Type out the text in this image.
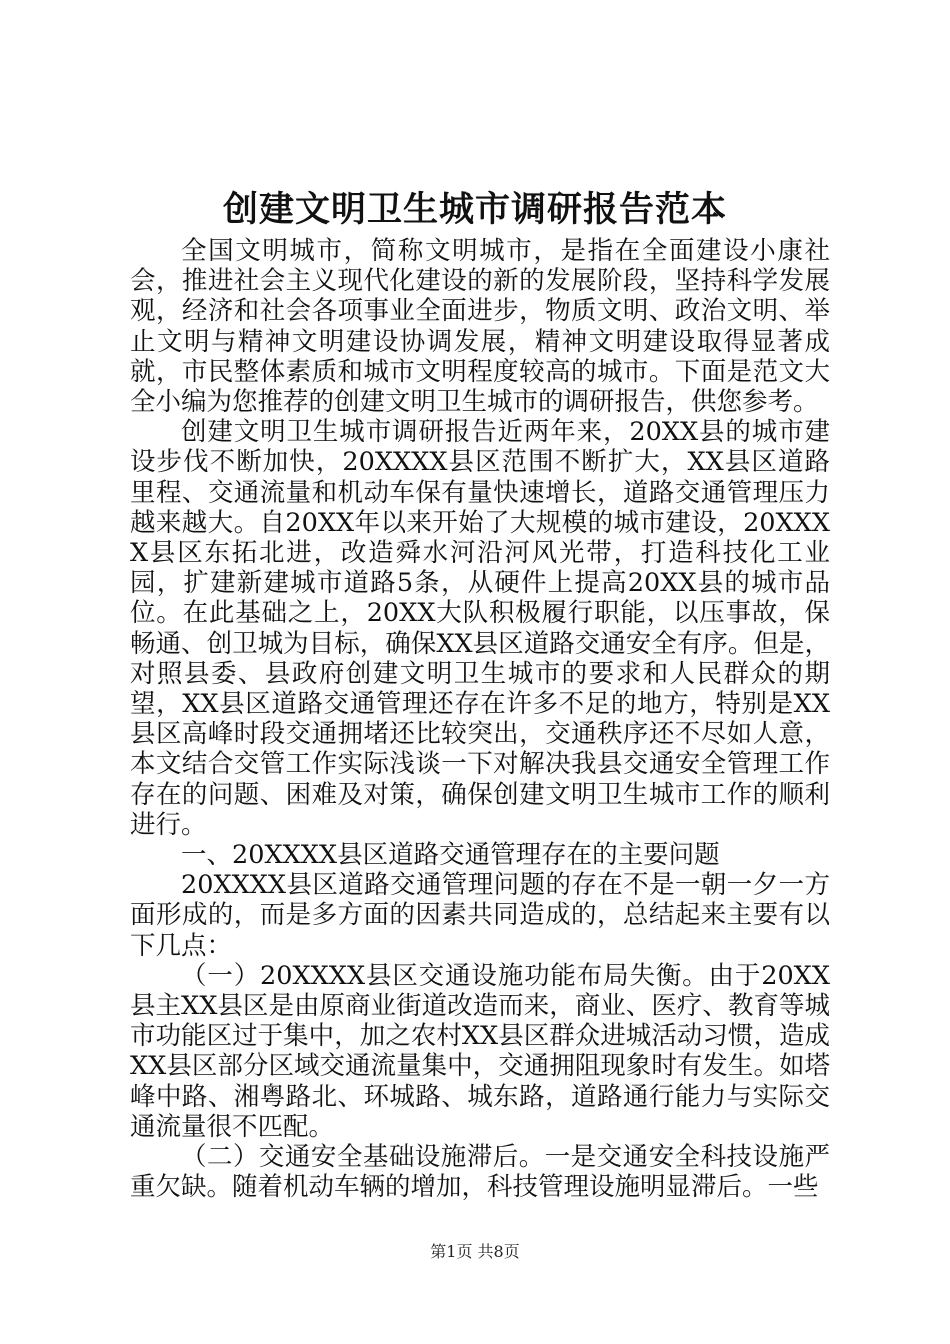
创建文明卫生城市调研报告范本

全国文明城市，简称文明城市，是指在全面建设小康社会，推进社会主义现代化建设的新的发展阶段，坚持科学发展观，经济和社会各项事业全面进步，物质文明、政治文明、举止文明与精神文明建设协调发展，精神文明建设取得显著成就，市民整体素质和城市文明程度较高的城市。下面是范文大全小编为您推荐的创建文明卫生城市的调研报告，供您参考。

创建文明卫生城市调研报告近两年来，20XX县的城市建设步伐不断加快，20XXXX县区范围不断扩大，XX县区道路里程、交通流量和机动车保有量快速增长，道路交通管理压力越来越大。自20XX年以来开始了大规模的城市建设，20XXXX县区东拓北进，改造舜水河沿河风光带，打造科技化工业园，扩建新建城市道路5条，从硬件上提高20XX县的城市品位。在此基础之上，20XX大队积极履行职能，以压事故，保畅通、创卫城为目标，确保XX县区道路交通安全有序。但是，对照县委、县政府创建文明卫生城市的要求和人民群众的期望，XX县区道路交通管理还存在许多不足的地方，特别是XX县区高峰时段交通拥堵还比较突出，交通秩序还不尽如人意，本文结合交管工作实际浅谈一下对解决我县交通安全管理工作存在的问题、困难及对策，确保创建文明卫生城市工作的顺利进行。

一、20XXXX县区道路交通管理存在的主要问题

20XXXX县区道路交通管理问题的存在不是一朝一夕一方面形成的，而是多方面的因素共同造成的，总结起来主要有以下几点：

（一）20XXXX县区交通设施功能布局失衡。由于20XX县主XX县区是由原商业街道改造而来，商业、医疗、教育等城市功能区过于集中，加之农村XX县区群众进城活动习惯，造成XX县区部分区域交通流量集中，交通拥阻现象时有发生。如塔峰中路、湘粤路北、环城路、城东路，道路通行能力与实际交通流量很不匹配。

（二）交通安全基础设施滞后。一是交通安全科技设施严重欠缺。随着机动车辆的增加，科技管理设施明显滞后。一些

第1页 共8页
